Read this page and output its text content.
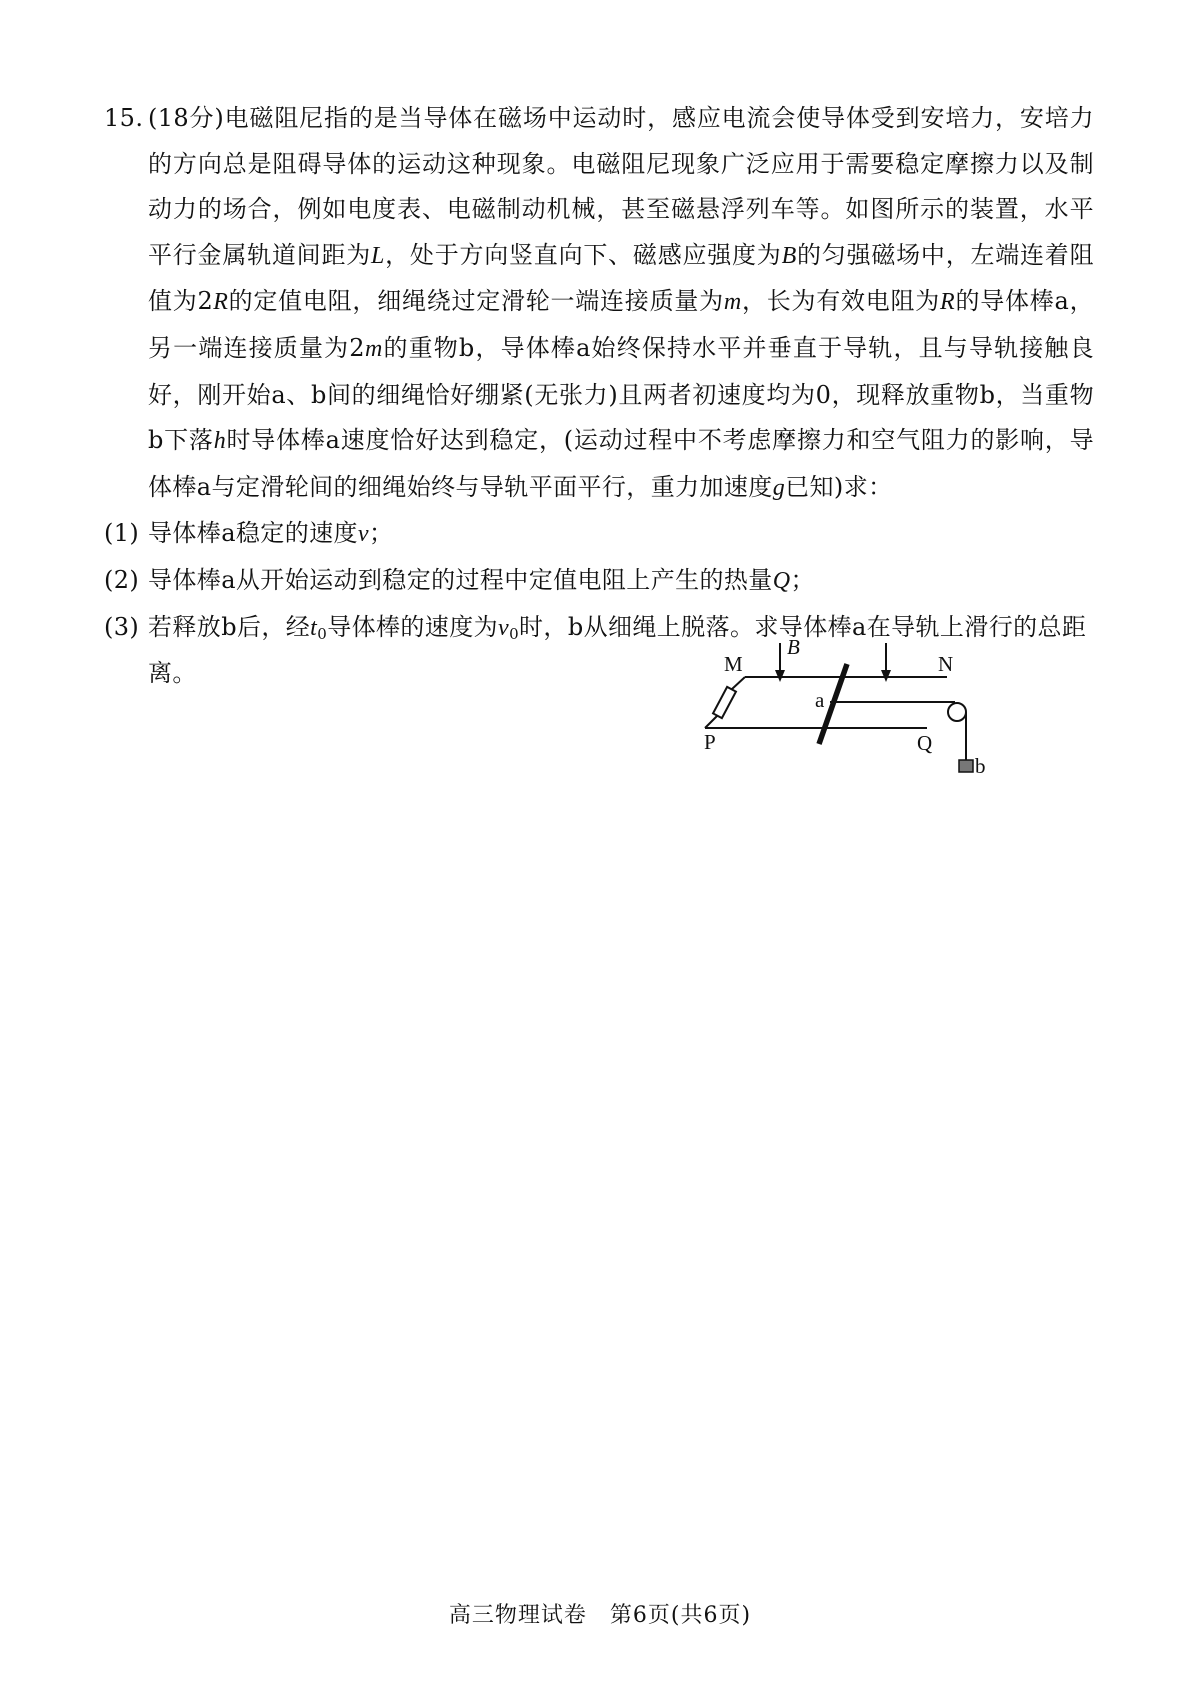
15. (18分)电磁阻尼指的是当导体在磁场中运动时，感应电流会使导体受到安培力，安培力的方向总是阻碍导体的运动这种现象。电磁阻尼现象广泛应用于需要稳定摩擦力以及制动力的场合，例如电度表、电磁制动机械，甚至磁悬浮列车等。如图所示的装置，水平平行金属轨道间距为L，处于方向竖直向下、磁感应强度为B的匀强磁场中，左端连着阻值为2R的定值电阻，细绳绕过定滑轮一端连接质量为m，长为有效电阻为R的导体棒a，另一端连接质量为2m的重物b，导体棒a始终保持水平并垂直于导轨，且与导轨接触良好，刚开始a、b间的细绳恰好绷紧(无张力)且两者初速度均为0，现释放重物b，当重物b下落h时导体棒a速度恰好达到稳定，(运动过程中不考虑摩擦力和空气阻力的影响，导体棒a与定滑轮间的细绳始终与导轨平面平行，重力加速度g已知)求：

(1) 导体棒a稳定的速度v；

(2) 导体棒a从开始运动到稳定的过程中定值电阻上产生的热量Q；

(3) 若释放b后，经$t_0$导体棒的速度为$v_0$时，b从细绳上脱落。求导体棒a在导轨上滑行的总距离。

B
M	N
P	Q
a
b
高三物理试卷　第6页(共6页)
